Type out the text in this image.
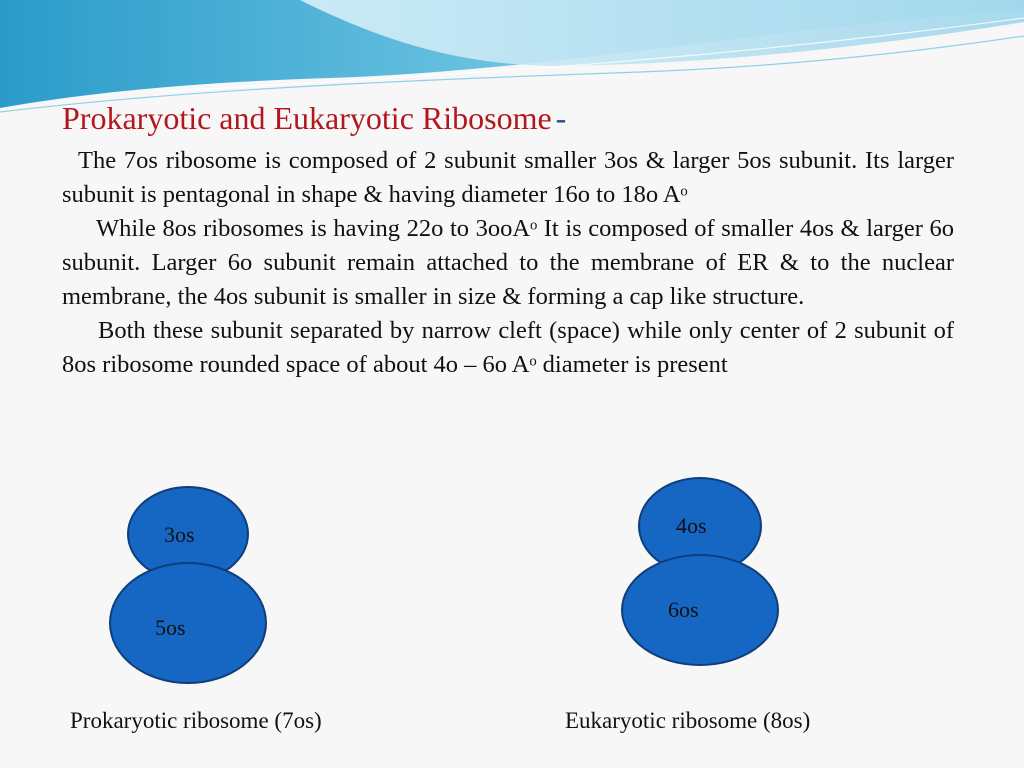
Prokaryotic and Eukaryotic Ribosome -

The 7os ribosome is composed of 2 subunit smaller 3os & larger 5os subunit. Its larger subunit is pentagonal in shape & having diameter 16o to 18o Aᵒ

While 8os ribosomes is having 22o to 3ooAᵒ It is composed of smaller 4os & larger 6o subunit. Larger 6o subunit remain attached to the membrane of ER & to the nuclear membrane, the 4os subunit is smaller in size & forming a cap like structure.

Both these subunit separated by narrow cleft (space) while only center of 2 subunit of 8os ribosome rounded space of about 4o – 6o Aᵒ diameter is present

3os
5os
Prokaryotic ribosome (7os)
4os
6os
Eukaryotic ribosome (8os)
